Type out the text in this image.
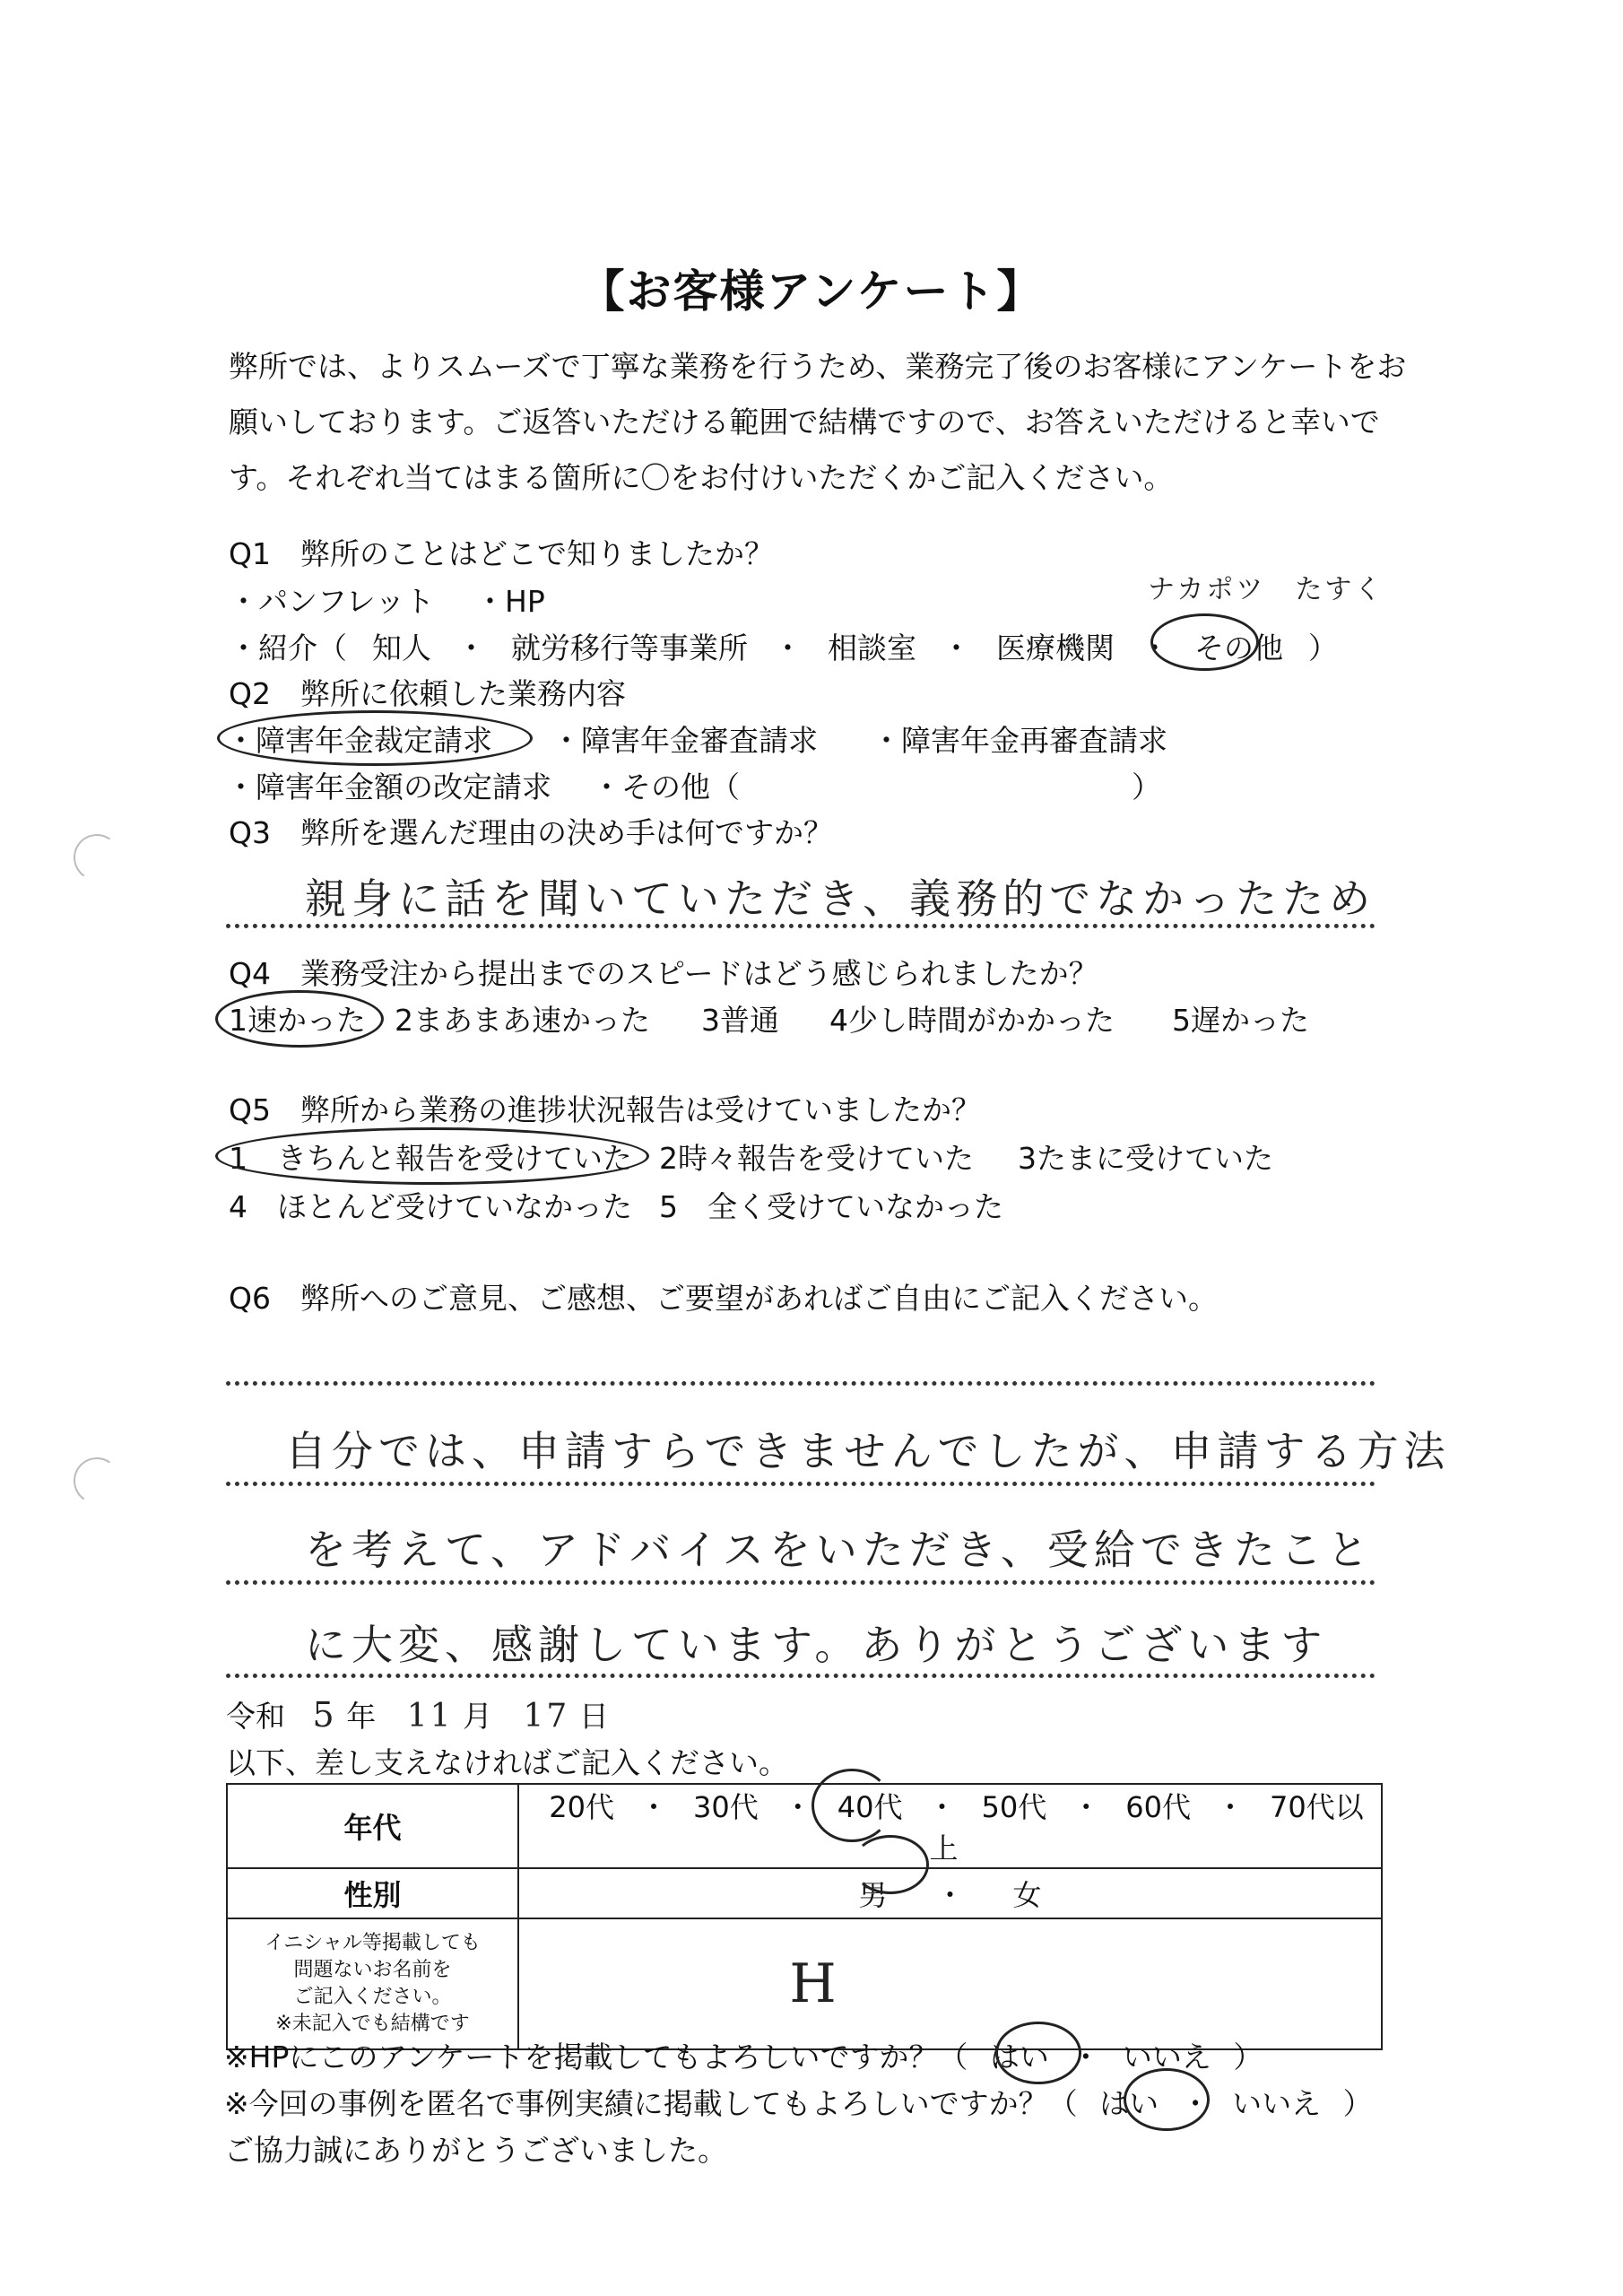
【お客様アンケート】
弊所では、よりスムーズで丁寧な業務を行うため、業務完了後のお客様にアンケートをお願いしております。ご返答いただける範囲で結構ですので、お答えいただけると幸いです。それぞれ当てはまる箇所に〇をお付けいただくかご記入ください。
Q1　弊所のことはどこで知りましたか？
ナカポツ　たすく
・パンフレット ・HP
・紹介（ 知人 ・ 就労移行等事業所 ・ 相談室 ・ 医療機関 ・ その他 ）
Q2　弊所に依頼した業務内容
・障害年金裁定請求 ・障害年金審査請求 ・障害年金再審査請求
・障害年金額の改定請求 ・その他（	）
Q3　弊所を選んだ理由の決め手は何ですか？
親身に話を聞いていただき、義務的でなかったため
Q4　業務受注から提出までのスピードはどう感じられましたか？
1速かった 2まあまあ速かった 3普通 4少し時間がかかった 5遅かった
Q5　弊所から業務の進捗状況報告は受けていましたか？
1　きちんと報告を受けていた 2時々報告を受けていた 3たまに受けていた
4　ほとんど受けていなかった 5　全く受けていなかった
Q6　弊所へのご意見、ご感想、ご要望があればご自由にご記入ください。
自分では、申請すらできませんでしたが、申請する方法
を考えて、アドバイスをいただき、受給できたこと
に大変、感謝しています。ありがとうございます
令和 5 年 11 月 17 日
以下、差し支えなければご記入ください。
年代	20代 ・ 30代 ・ 40代 ・ 50代 ・ 60代 ・ 70代以上
性別	男 ・ 女

イニシャル等掲載しても
問題ないお名前を
ご記入ください。
※未記入でも結構です	H
※HPにこのアンケートを掲載してもよろしいですか？（ はい ・ いいえ ）
※今回の事例を匿名で事例実績に掲載してもよろしいですか？（ はい ・ いいえ ）
ご協力誠にありがとうございました。
